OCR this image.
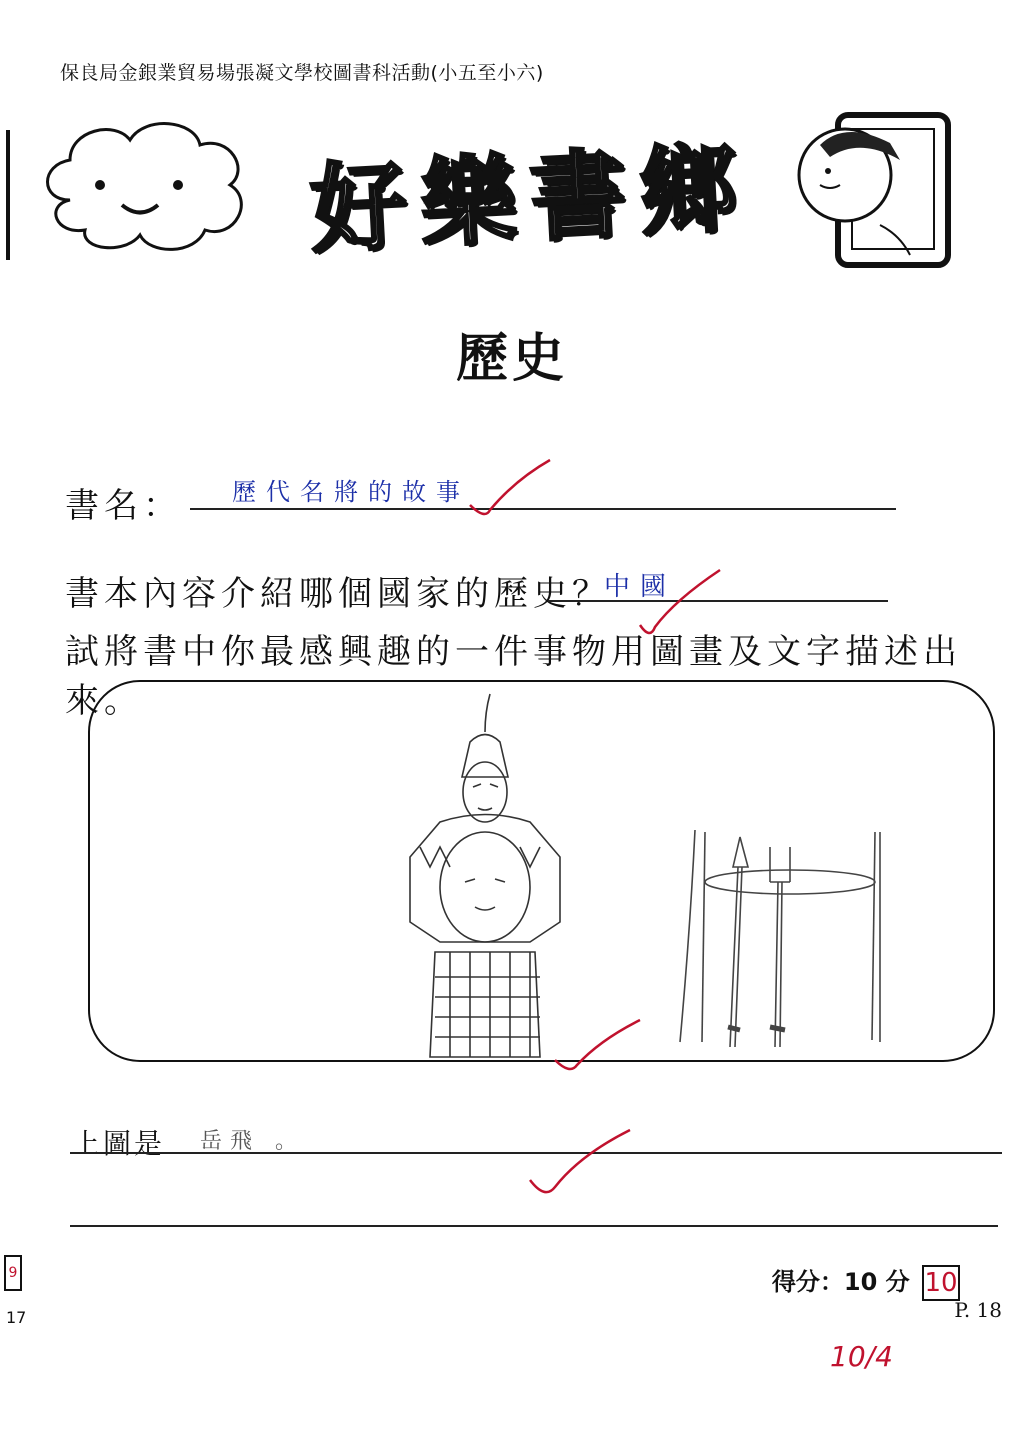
9
17
保良局金銀業貿易場張凝文學校圖書科活動(小五至小六)
好樂書鄉
歷史
書名： 歷代名將的故事
書本內容介紹哪個國家的歷史？
中國
試將書中你最感興趣的一件事物用圖畫及文字描述出來。
上圖是 岳飛 。
得分：10 分 10
P. 18
10/4
